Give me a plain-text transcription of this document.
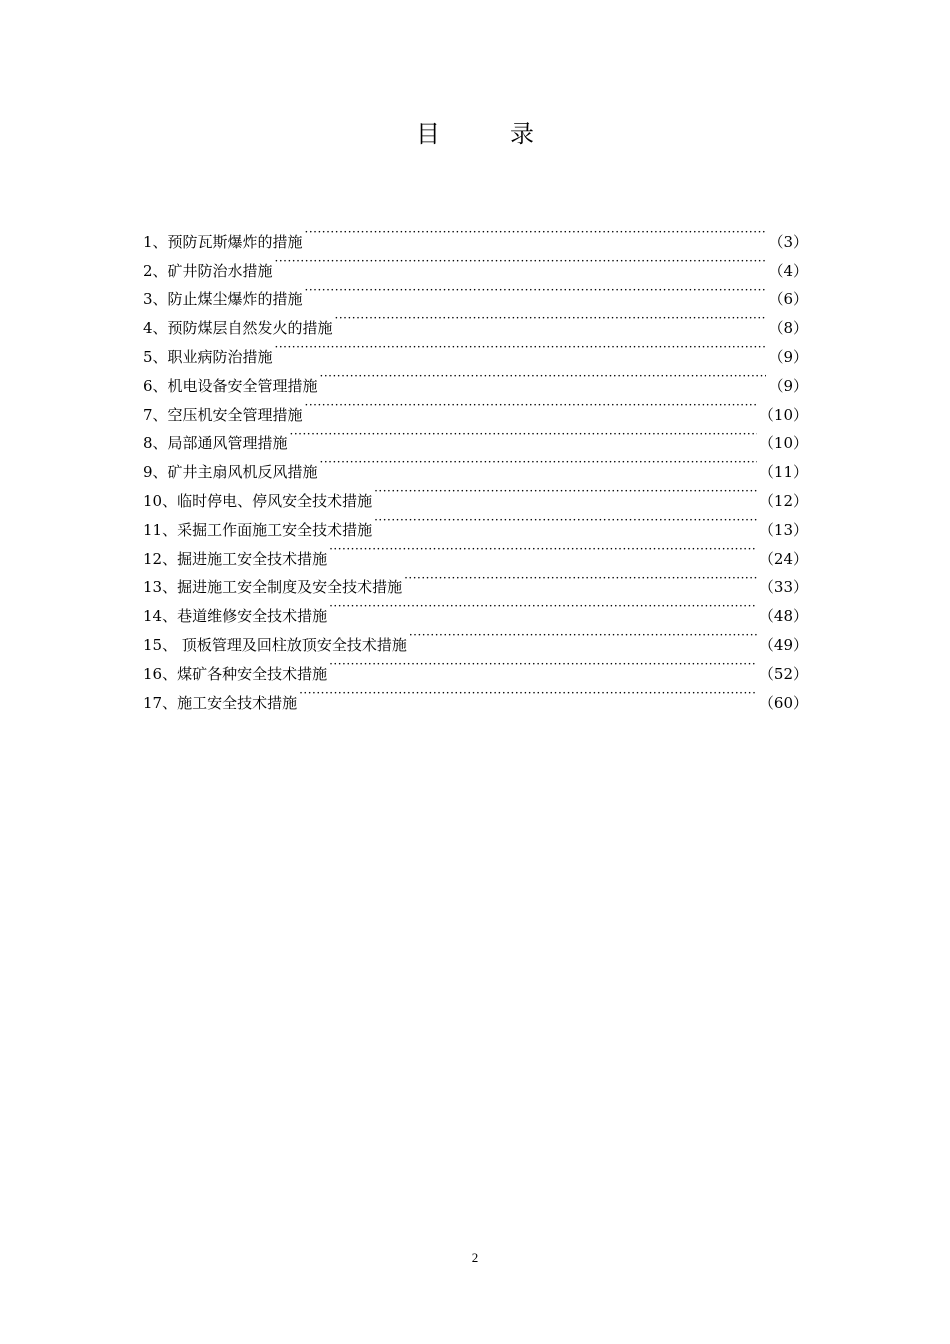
目	录
1、预防瓦斯爆炸的措施 ·····	（3）
2、矿井防治水措施 ·····	（4）
3、防止煤尘爆炸的措施 ·····	（6）
4、预防煤层自然发火的措施 ·····	（8）
5、职业病防治措施 ·····	（9）
6、机电设备安全管理措施 ·····	（9）
7、空压机安全管理措施 ·····	（10）
8、局部通风管理措施 ·····	（10）
9、矿井主扇风机反风措施 ·····	（11）
10、临时停电、停风安全技术措施 ·····	（12）
11、采掘工作面施工安全技术措施 ·····	（13）
12、掘进施工安全技术措施 ·····	（24）
13、掘进施工安全制度及安全技术措施 ·····	（33）
14、巷道维修安全技术措施 ·····	（48）
15、 顶板管理及回柱放顶安全技术措施 ·····	（49）
16、煤矿各种安全技术措施 ·····	（52）
17、施工安全技术措施 ·····	（60）
2
